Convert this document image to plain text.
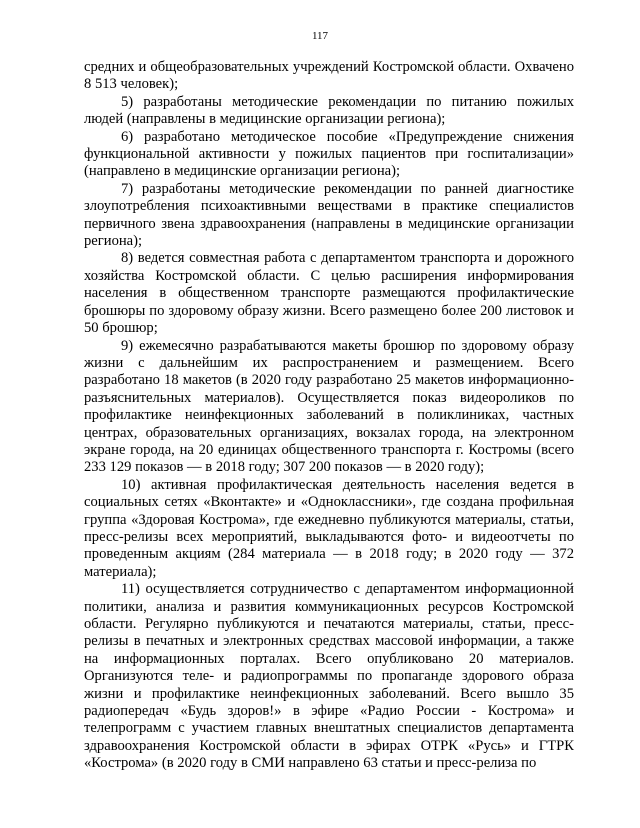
117

средних и общеобразовательных учреждений Костромской области. Охвачено 8 513 человек);

5) разработаны методические рекомендации по питанию пожилых людей (направлены в медицинские организации региона);

6) разработано методическое пособие «Предупреждение снижения функциональной активности у пожилых пациентов при госпитализации» (направлено в медицинские организации региона);

7) разработаны методические рекомендации по ранней диагностике злоупотребления психоактивными веществами в практике специалистов первичного звена здравоохранения (направлены в медицинские организации региона);

8) ведется совместная работа с департаментом транспорта и дорожного хозяйства Костромской области. С целью расширения информирования населения в общественном транспорте размещаются профилактические брошюры по здоровому образу жизни. Всего размещено более 200 листовок и 50 брошюр;

9) ежемесячно разрабатываются макеты брошюр по здоровому образу жизни с дальнейшим их распространением и размещением. Всего разработано 18 макетов (в 2020 году разработано 25 макетов информационно-разъяснительных материалов). Осуществляется показ видеороликов по профилактике неинфекционных заболеваний в поликлиниках, частных центрах, образовательных организациях, вокзалах города, на электронном экране города, на 20 единицах общественного транспорта г. Костромы (всего 233 129 показов — в 2018 году; 307 200 показов — в 2020 году);

10) активная профилактическая деятельность населения ведется в социальных сетях «Вконтакте» и «Одноклассники», где создана профильная группа «Здоровая Кострома», где ежедневно публикуются материалы, статьи, пресс-релизы всех мероприятий, выкладываются фото- и видеоотчеты по проведенным акциям (284 материала — в 2018 году; в 2020 году — 372 материала);

11) осуществляется сотрудничество с департаментом информационной политики, анализа и развития коммуникационных ресурсов Костромской области. Регулярно публикуются и печатаются материалы, статьи, пресс-релизы в печатных и электронных средствах массовой информации, а также на информационных порталах. Всего опубликовано 20 материалов. Организуются теле- и радиопрограммы по пропаганде здорового образа жизни и профилактике неинфекционных заболеваний. Всего вышло 35 радиопередач «Будь здоров!» в эфире «Радио России - Кострома» и телепрограмм с участием главных внештатных специалистов департамента здравоохранения Костромской области в эфирах ОТРК «Русь» и ГТРК «Кострома» (в 2020 году в СМИ направлено 63 статьи и пресс-релиза по
